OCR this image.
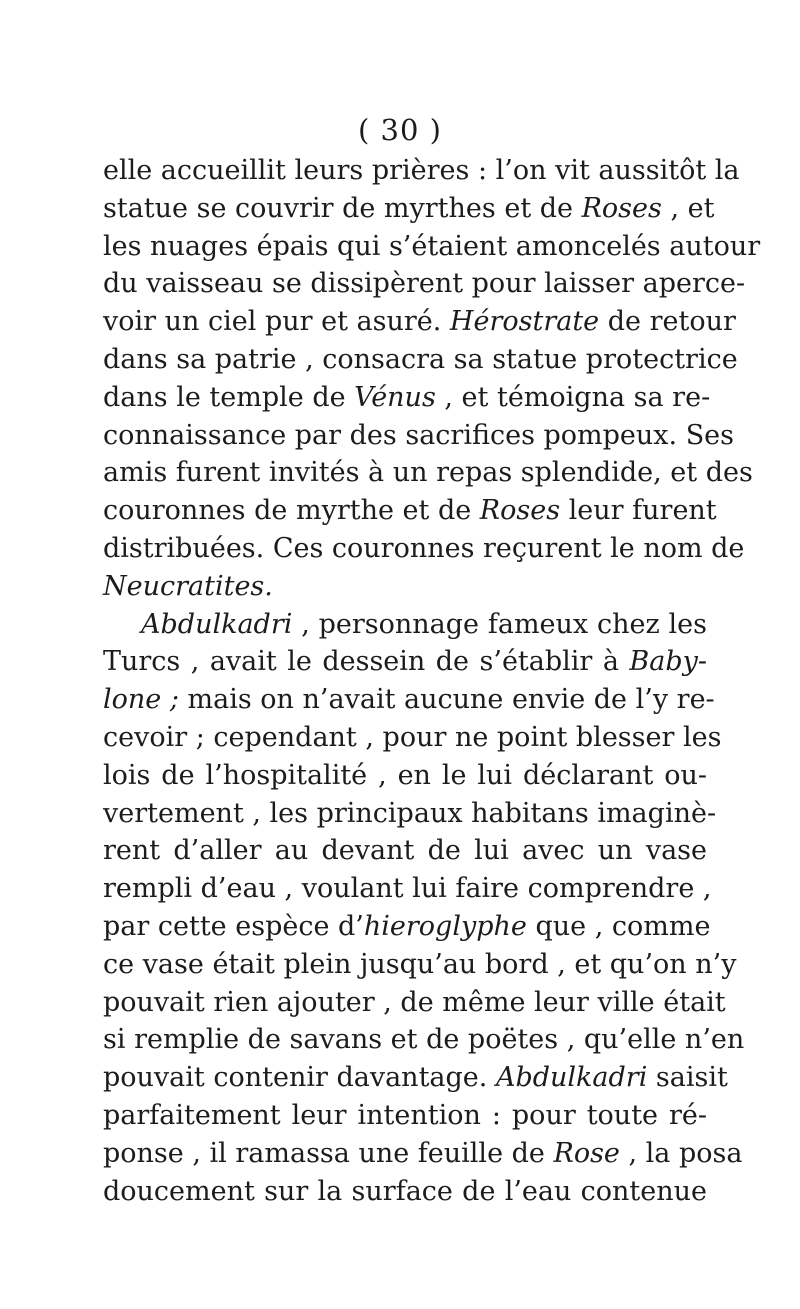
( 30 )
elle accueillit leurs prières : l’on vit aussitôt la
statue se couvrir de myrthes et de Roses , et
les nuages épais qui s’étaient amoncelés autour
du vaisseau se dissipèrent pour laisser aperce-
voir un ciel pur et asuré. Hérostrate de retour
dans sa patrie , consacra sa statue protectrice
dans le temple de Vénus , et témoigna sa re-
connaissance par des sacrifices pompeux. Ses
amis furent invités à un repas splendide, et des
couronnes de myrthe et de Roses leur furent
distribuées. Ces couronnes reçurent le nom de
Neucratites.
Abdulkadri , personnage fameux chez les
Turcs , avait le dessein de s’établir à Baby-
lone ; mais on n’avait aucune envie de l’y re-
cevoir ; cependant , pour ne point blesser les
lois de l’hospitalité , en le lui déclarant ou-
vertement , les principaux habitans imaginè-
rent d’aller au devant de lui avec un vase
rempli d’eau , voulant lui faire comprendre ,
par cette espèce d’hieroglyphe que , comme
ce vase était plein jusqu’au bord , et qu’on n’y
pouvait rien ajouter , de même leur ville était
si remplie de savans et de poëtes , qu’elle n’en
pouvait contenir davantage. Abdulkadri saisit
parfaitement leur intention : pour toute ré-
ponse , il ramassa une feuille de Rose , la posa
doucement sur la surface de l’eau contenue
